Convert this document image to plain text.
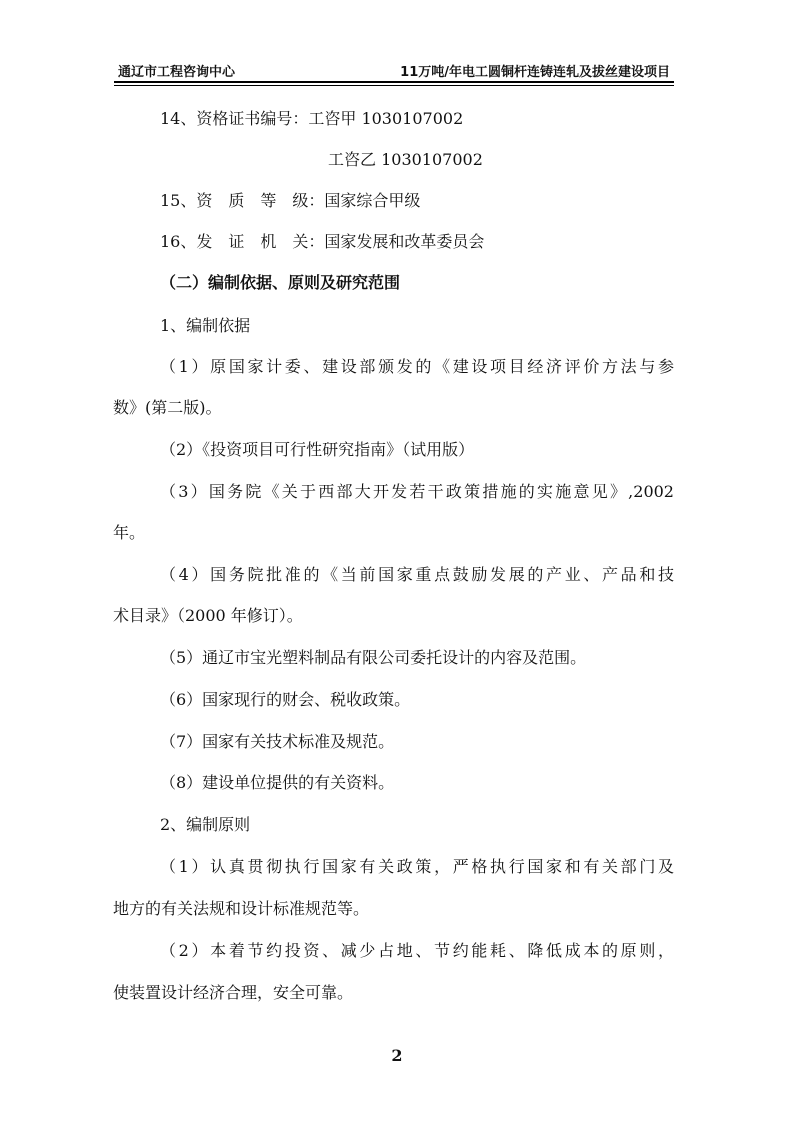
通辽市工程咨询中心	11万吨/年电工圆铜杆连铸连轧及拔丝建设项目
14、资格证书编号：工咨甲 1030107002
工咨乙 1030107002
15、资　质　等　级：国家综合甲级
16、发　证　机　关：国家发展和改革委员会
（二）编制依据、原则及研究范围
1、编制依据
（1）原国家计委、建设部颁发的《建设项目经济评价方法与参
数》(第二版)。
（2）《投资项目可行性研究指南》（试用版）
（3）国务院《关于西部大开发若干政策措施的实施意见》,2002
年。
（4）国务院批准的《当前国家重点鼓励发展的产业、产品和技
术目录》（2000 年修订）。
（5）通辽市宝光塑料制品有限公司委托设计的内容及范围。
（6）国家现行的财会、税收政策。
（7）国家有关技术标准及规范。
（8）建设单位提供的有关资料。
2、编制原则
（1）认真贯彻执行国家有关政策，严格执行国家和有关部门及
地方的有关法规和设计标准规范等。
（2）本着节约投资、减少占地、节约能耗、降低成本的原则，
使装置设计经济合理，安全可靠。
2
